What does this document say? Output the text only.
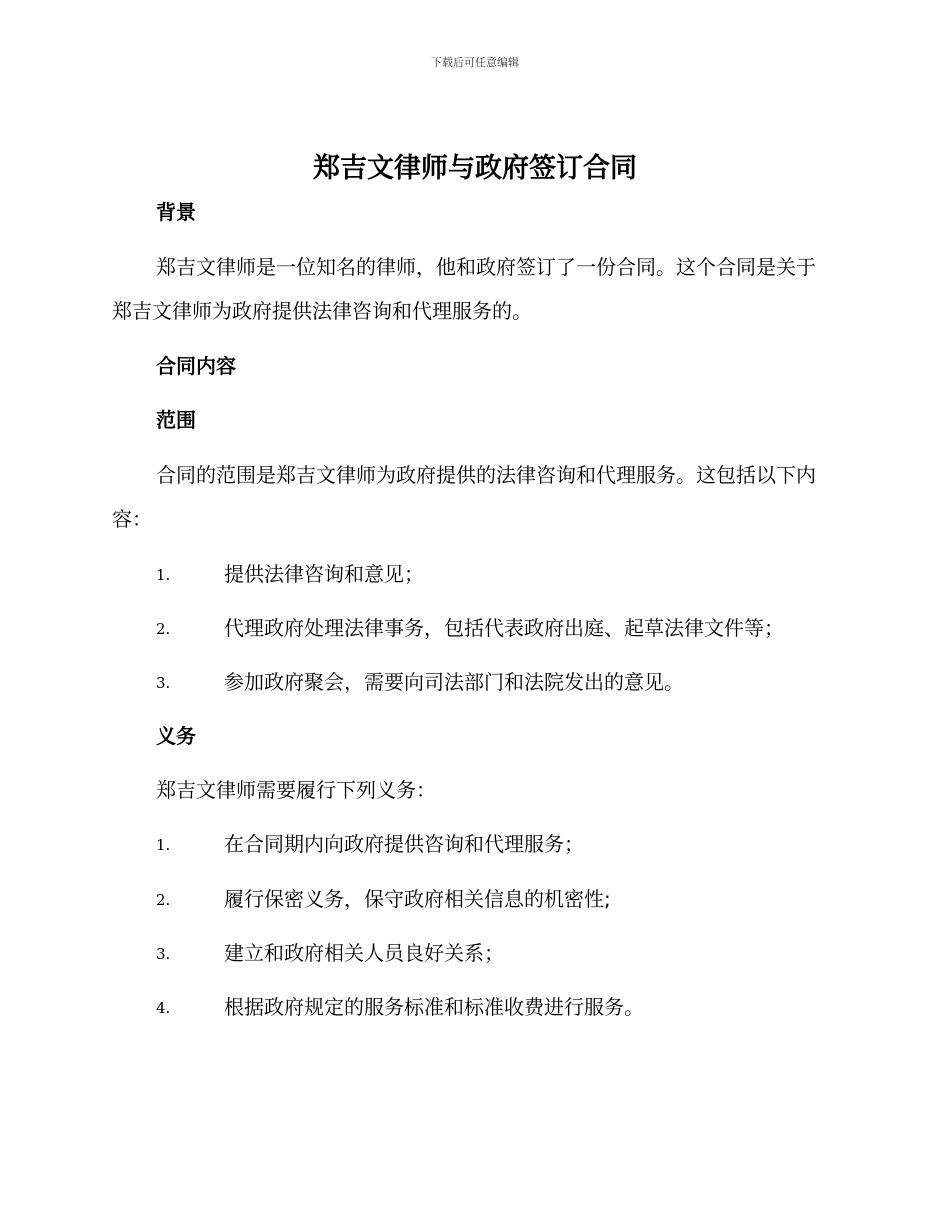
下载后可任意编辑
郑吉文律师与政府签订合同
背景
郑吉文律师是一位知名的律师，他和政府签订了一份合同。这个合同是关于郑吉文律师为政府提供法律咨询和代理服务的。
合同内容
范围
合同的范围是郑吉文律师为政府提供的法律咨询和代理服务。这包括以下内容：
1.	提供法律咨询和意见；
2.	代理政府处理法律事务，包括代表政府出庭、起草法律文件等；
3.	参加政府聚会，需要向司法部门和法院发出的意见。
义务
郑吉文律师需要履行下列义务：
1.	在合同期内向政府提供咨询和代理服务；
2.	履行保密义务，保守政府相关信息的机密性;
3.	建立和政府相关人员良好关系；
4.	根据政府规定的服务标准和标准收费进行服务。
